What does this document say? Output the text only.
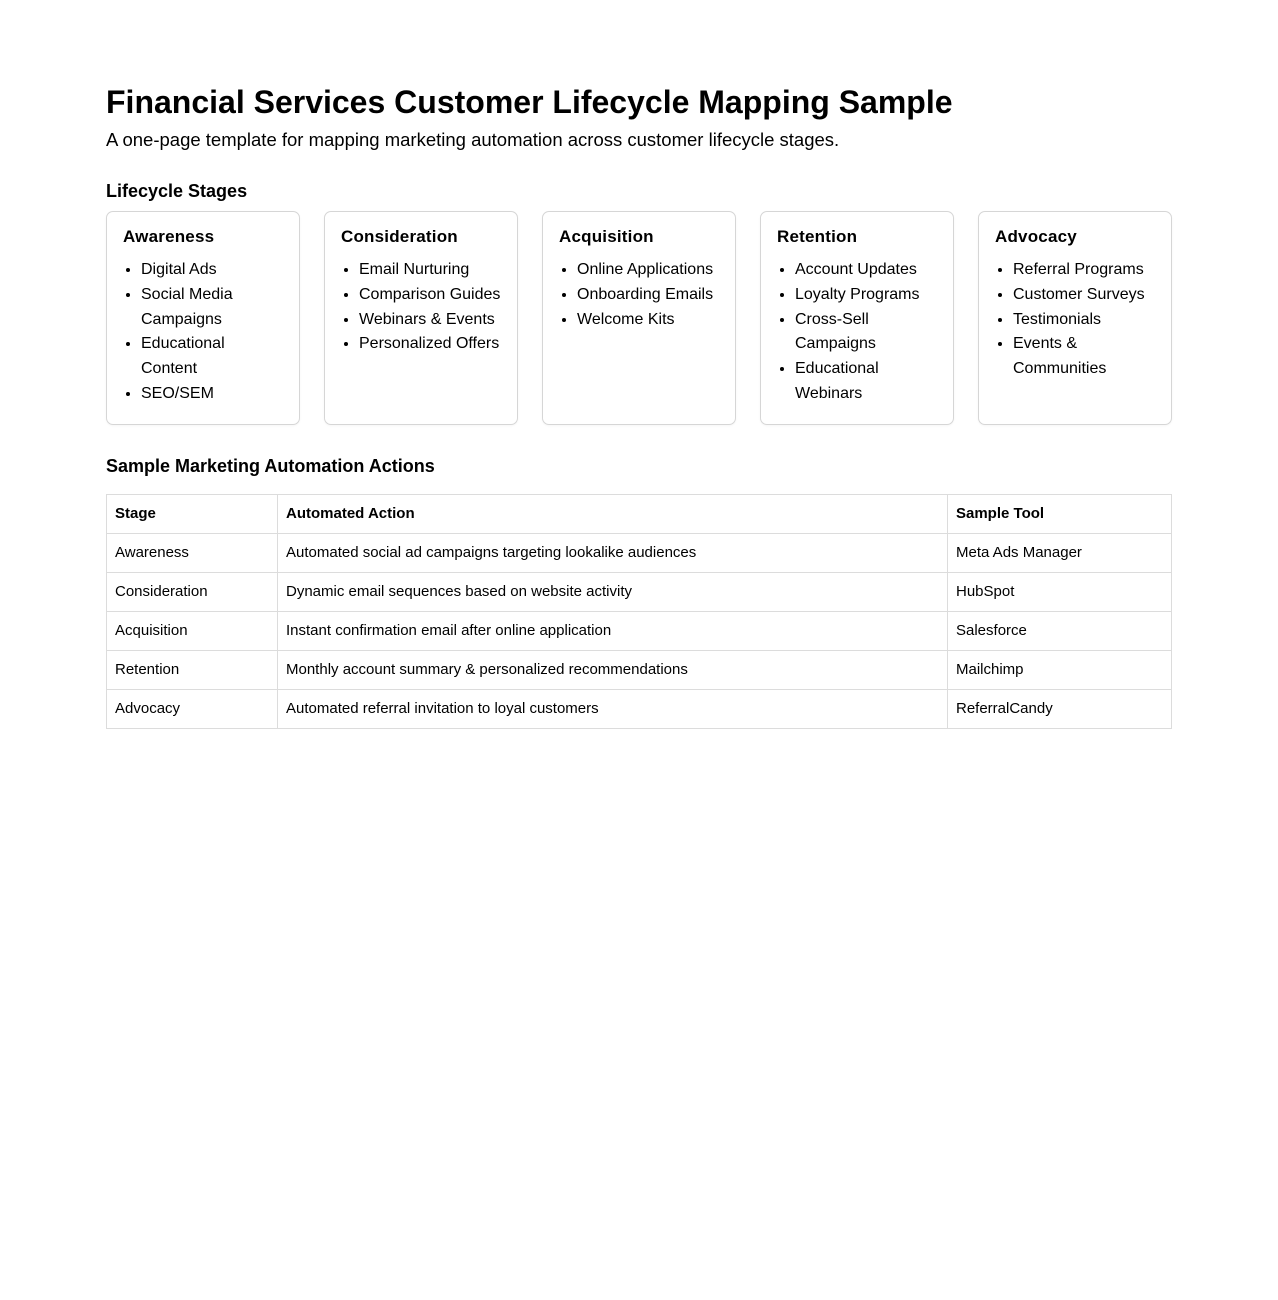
Financial Services Customer Lifecycle Mapping Sample

A one-page template for mapping marketing automation across customer lifecycle stages.

Lifecycle Stages
Awareness
• Digital Ads
• Social Media Campaigns
• Educational Content
• SEO/SEM
Consideration
• Email Nurturing
• Comparison Guides
• Webinars & Events
• Personalized Offers
Acquisition
• Online Applications
• Onboarding Emails
• Welcome Kits
Retention
• Account Updates
• Loyalty Programs
• Cross-Sell Campaigns
• Educational Webinars
Advocacy
• Referral Programs
• Customer Surveys
• Testimonials
• Events & Communities
Sample Marketing Automation Actions
Stage	Automated Action	Sample Tool
Awareness	Automated social ad campaigns targeting lookalike audiences	Meta Ads Manager
Consideration	Dynamic email sequences based on website activity	HubSpot
Acquisition	Instant confirmation email after online application	Salesforce
Retention	Monthly account summary & personalized recommendations	Mailchimp
Advocacy	Automated referral invitation to loyal customers	ReferralCandy
